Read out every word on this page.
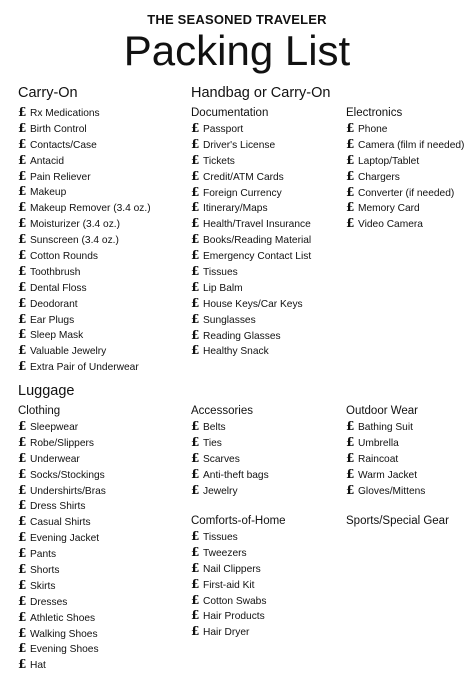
THE SEASONED TRAVELER
Packing List
Carry-On	Handbag or Carry-On
£ Rx Medications
£ Birth Control
£ Contacts/Case
£ Antacid
£ Pain Reliever
£ Makeup
£ Makeup Remover (3.4 oz.)
£ Moisturizer (3.4 oz.)
£ Sunscreen (3.4 oz.)
£ Cotton Rounds
£ Toothbrush
£ Dental Floss
£ Deodorant
£ Ear Plugs
£ Sleep Mask
£ Valuable Jewelry
£ Extra Pair of Underwear
Documentation
£ Passport
£ Driver's License
£ Tickets
£ Credit/ATM Cards
£ Foreign Currency
£ Itinerary/Maps
£ Health/Travel Insurance
£ Books/Reading Material
£ Emergency Contact List
£ Tissues
£ Lip Balm
£ House Keys/Car Keys
£ Sunglasses
£ Reading Glasses
£ Healthy Snack
Electronics
£ Phone
£ Camera (film if needed)
£ Laptop/Tablet
£ Chargers
£ Converter (if needed)
£ Memory Card
£ Video Camera
Luggage
Clothing
£ Sleepwear
£ Robe/Slippers
£ Underwear
£ Socks/Stockings
£ Undershirts/Bras
£ Dress Shirts
£ Casual Shirts
£ Evening Jacket
£ Pants
£ Shorts
£ Skirts
£ Dresses
£ Athletic Shoes
£ Walking Shoes
£ Evening Shoes
£ Hat
Accessories
£ Belts
£ Ties
£ Scarves
£ Anti-theft bags
£ Jewelry
Comforts-of-Home
£ Tissues
£ Tweezers
£ Nail Clippers
£ First-aid Kit
£ Cotton Swabs
£ Hair Products
£ Hair Dryer
Outdoor Wear
£ Bathing Suit
£ Umbrella
£ Raincoat
£ Warm Jacket
£ Gloves/Mittens
Sports/Special Gear
